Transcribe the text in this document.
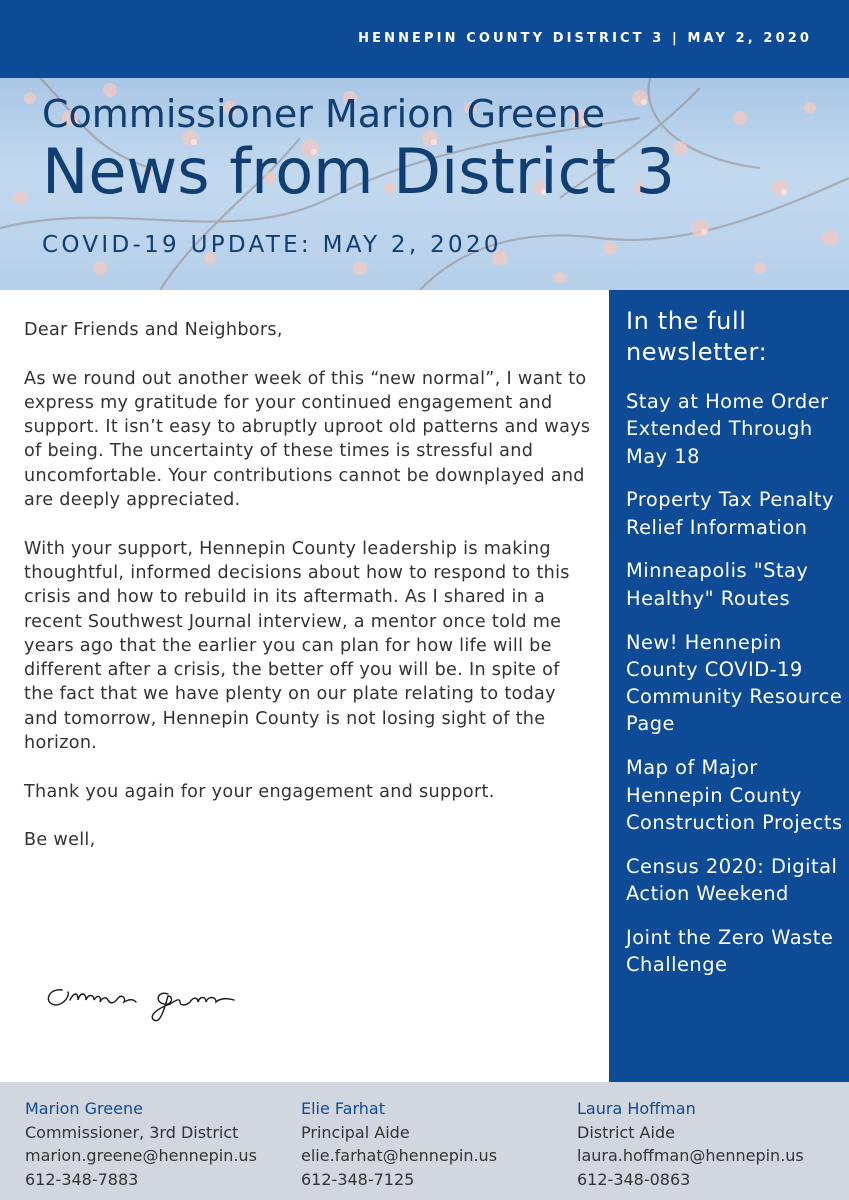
HENNEPIN COUNTY DISTRICT 3 | MAY 2, 2020
Commissioner Marion Greene
News from District 3
COVID-19 UPDATE: MAY 2, 2020

Dear Friends and Neighbors,

As we round out another week of this “new normal”, I want to express my gratitude for your continued engagement and support. It isn’t easy to abruptly uproot old patterns and ways of being. The uncertainty of these times is stressful and uncomfortable. Your contributions cannot be downplayed and are deeply appreciated.

With your support, Hennepin County leadership is making thoughtful, informed decisions about how to respond to this crisis and how to rebuild in its aftermath. As I shared in a recent Southwest Journal interview, a mentor once told me years ago that the earlier you can plan for how life will be different after a crisis, the better off you will be. In spite of the fact that we have plenty on our plate relating to today and tomorrow, Hennepin County is not losing sight of the horizon.

Thank you again for your engagement and support.

Be well,

In the full newsletter:
Stay at Home Order Extended Through May 18
Property Tax Penalty Relief Information
Minneapolis "Stay Healthy" Routes
New! Hennepin County COVID-19 Community Resource Page
Map of Major Hennepin County Construction Projects
Census 2020: Digital Action Weekend
Joint the Zero Waste Challenge
Marion Greene
Commissioner, 3rd District
marion.greene@hennepin.us
612-348-7883
Elie Farhat
Principal Aide
elie.farhat@hennepin.us
612-348-7125
Laura Hoffman
District Aide
laura.hoffman@hennepin.us
612-348-0863
